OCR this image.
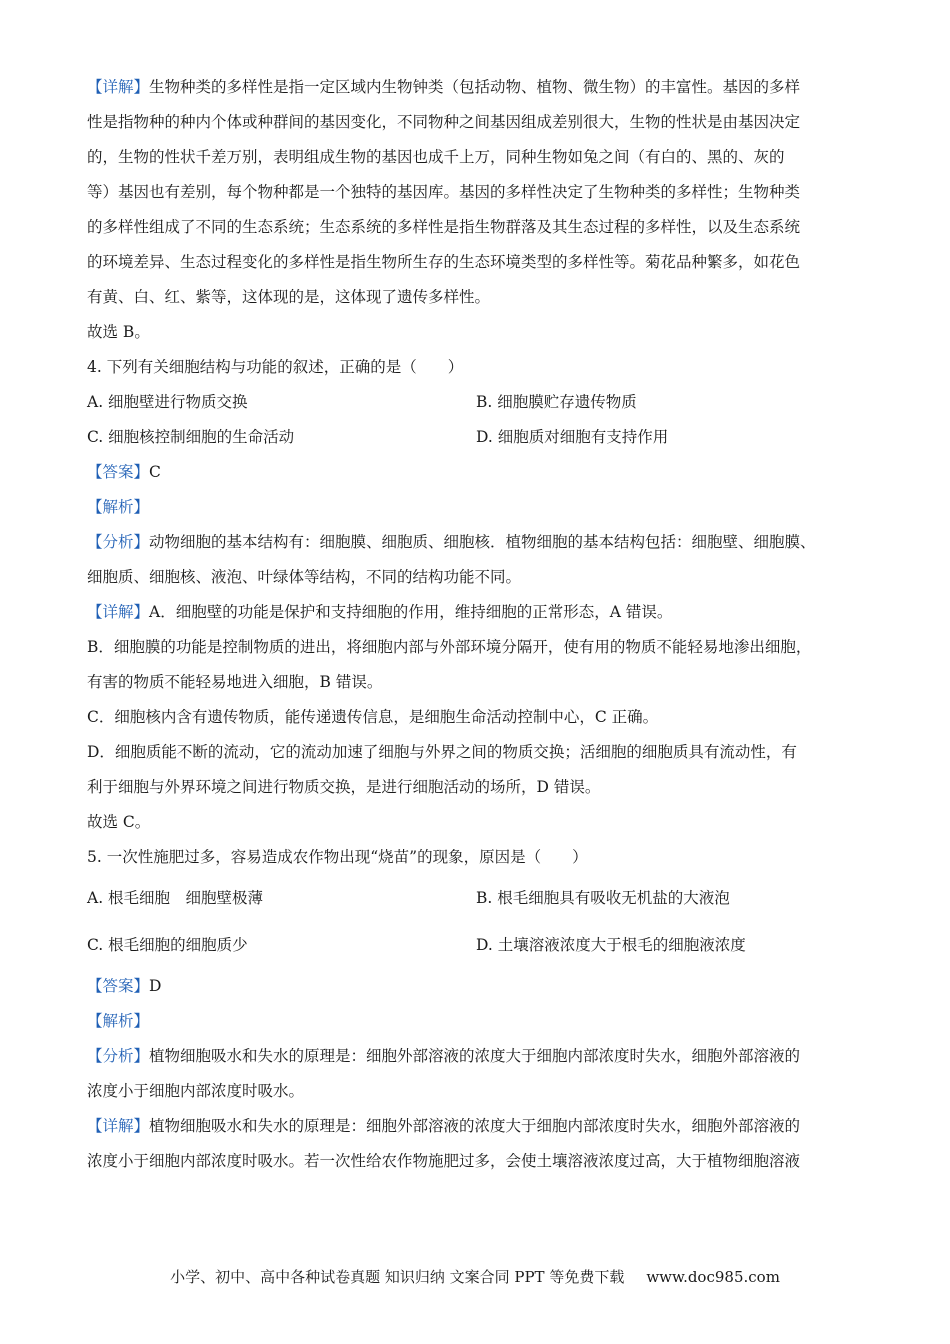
【详解】生物种类的多样性是指一定区域内生物钟类（包括动物、植物、微生物）的丰富性。基因的多样
性是指物种的种内个体或种群间的基因变化，不同物种之间基因组成差别很大，生物的性状是由基因决定
的，生物的性状千差万别，表明组成生物的基因也成千上万，同种生物如兔之间（有白的、黑的、灰的
等）基因也有差别，每个物种都是一个独特的基因库。基因的多样性决定了生物种类的多样性；生物种类
的多样性组成了不同的生态系统；生态系统的多样性是指生物群落及其生态过程的多样性，以及生态系统
的环境差异、生态过程变化的多样性是指生物所生存的生态环境类型的多样性等。菊花品种繁多，如花色
有黄、白、红、紫等，这体现的是，这体现了遗传多样性。
故选 B。
4. 下列有关细胞结构与功能的叙述，正确的是（　　）
A. 细胞壁进行物质交换	B. 细胞膜贮存遗传物质
C. 细胞核控制细胞的生命活动	D. 细胞质对细胞有支持作用
【答案】C
【解析】
【分析】动物细胞的基本结构有：细胞膜、细胞质、细胞核．植物细胞的基本结构包括：细胞壁、细胞膜、
细胞质、细胞核、液泡、叶绿体等结构，不同的结构功能不同。
【详解】A．细胞壁的功能是保护和支持细胞的作用，维持细胞的正常形态，A 错误。
B．细胞膜的功能是控制物质的进出，将细胞内部与外部环境分隔开，使有用的物质不能轻易地渗出细胞，
有害的物质不能轻易地进入细胞，B 错误。
C．细胞核内含有遗传物质，能传递遗传信息，是细胞生命活动控制中心，C 正确。
D．细胞质能不断的流动，它的流动加速了细胞与外界之间的物质交换；活细胞的细胞质具有流动性，有
利于细胞与外界环境之间进行物质交换，是进行细胞活动的场所，D 错误。
故选 C。
5. 一次性施肥过多，容易造成农作物出现“烧苗”的现象，原因是（　　）
A. 根毛细胞　细胞壁极薄	B. 根毛细胞具有吸收无机盐的大液泡
C. 根毛细胞的细胞质少	D. 土壤溶液浓度大于根毛的细胞液浓度
【答案】D
【解析】
【分析】植物细胞吸水和失水的原理是：细胞外部溶液的浓度大于细胞内部浓度时失水，细胞外部溶液的
浓度小于细胞内部浓度时吸水。
【详解】植物细胞吸水和失水的原理是：细胞外部溶液的浓度大于细胞内部浓度时失水，细胞外部溶液的
浓度小于细胞内部浓度时吸水。若一次性给农作物施肥过多，会使土壤溶液浓度过高，大于植物细胞溶液
小学、初中、高中各种试卷真题 知识归纳 文案合同 PPT 等免费下载 www.doc985.com
